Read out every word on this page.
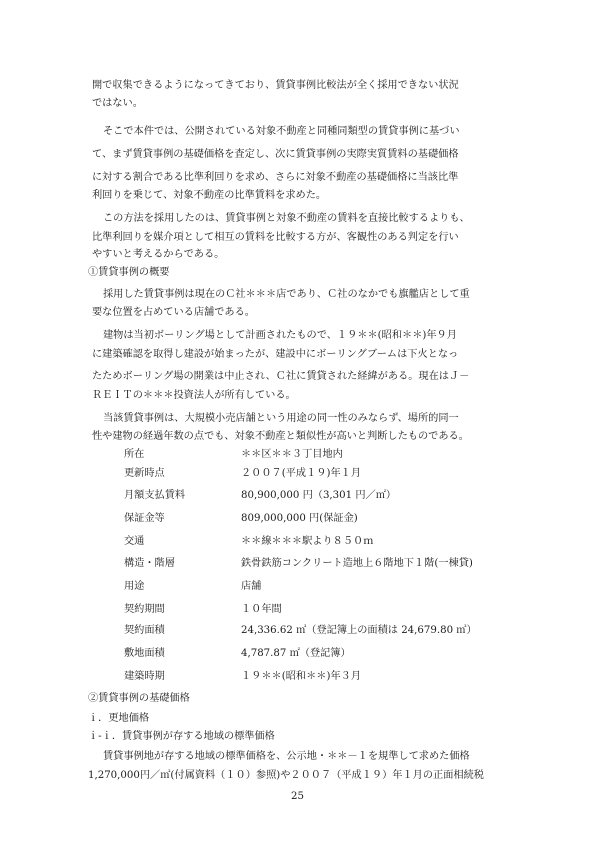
開で収集できるようになってきており、賃貸事例比較法が全く採用できない状況
ではない。
そこで本件では、公開されている対象不動産と同種同類型の賃貸事例に基づい
て、まず賃貸事例の基礎価格を査定し、次に賃貸事例の実際実質賃料の基礎価格
に対する割合である比準利回りを求め、さらに対象不動産の基礎価格に当該比準
利回りを乗じて、対象不動産の比準賃料を求めた。
この方法を採用したのは、賃貸事例と対象不動産の賃料を直接比較するよりも、
比準利回りを媒介項として相互の賃料を比較する方が、客観性のある判定を行い
やすいと考えるからである。
①賃貸事例の概要
採用した賃貸事例は現在のＣ社＊＊＊店であり、Ｃ社のなかでも旗艦店として重
要な位置を占めている店舗である。
建物は当初ボーリング場として計画されたもので、１９＊＊(昭和＊＊)年９月
に建築確認を取得し建設が始まったが、建設中にボーリングブームは下火となっ
たためボーリング場の開業は中止され、Ｃ社に賃貸された経緯がある。現在はＪ－
ＲＥＩＴの＊＊＊投資法人が所有している。
当該賃貸事例は、大規模小売店舗という用途の同一性のみならず、場所的同一
性や建物の経過年数の点でも、対象不動産と類似性が高いと判断したものである。
所在	＊＊区＊＊３丁目地内
更新時点	２００７(平成１９)年１月
月額支払賃料	80,900,000 円（3,301 円／㎡）
保証金等	809,000,000 円(保証金)
交通	＊＊線＊＊＊駅より８５０ｍ
構造・階層	鉄骨鉄筋コンクリート造地上６階地下１階(一棟貸)
用途	店舗
契約期間	１０年間
契約面積	24,336.62 ㎡（登記簿上の面積は 24,679.80 ㎡）
敷地面積	4,787.87 ㎡（登記簿）
建築時期	１９＊＊(昭和＊＊)年３月
②賃貸事例の基礎価格
ｉ．更地価格
ｉ-ｉ．賃貸事例が存する地域の標準価格
賃貸事例地が存する地域の標準価格を、公示地・＊＊－１を規準して求めた価格
1,270,000円／㎡(付属資料（１０）参照)や２００７（平成１９）年１月の正面相続税
25
